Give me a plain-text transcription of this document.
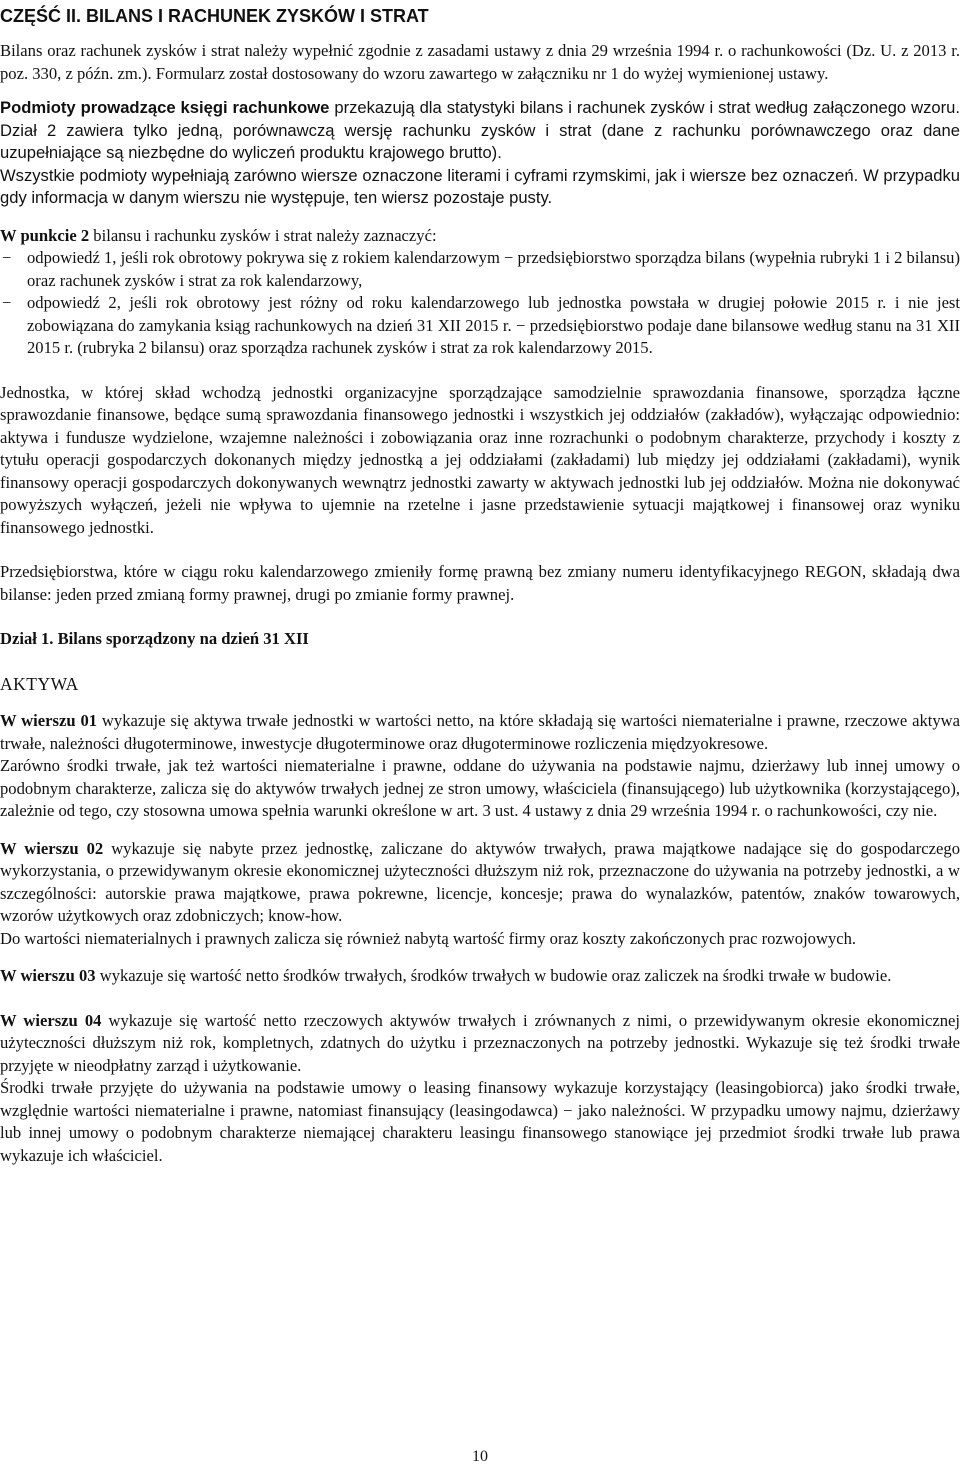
CZĘŚĆ II. BILANS I RACHUNEK ZYSKÓW I STRAT

Bilans oraz rachunek zysków i strat należy wypełnić zgodnie z zasadami ustawy z dnia 29 września 1994 r. o rachunkowości (Dz. U. z 2013 r. poz. 330, z późn. zm.). Formularz został dostosowany do wzoru zawartego w załączniku nr 1 do wyżej wymienionej ustawy.

Podmioty prowadzące księgi rachunkowe przekazują dla statystyki bilans i rachunek zysków i strat według załączonego wzoru. Dział 2 zawiera tylko jedną, porównawczą wersję rachunku zysków i strat (dane z rachunku porównawczego oraz dane uzupełniające są niezbędne do wyliczeń produktu krajowego brutto).

Wszystkie podmioty wypełniają zarówno wiersze oznaczone literami i cyframi rzymskimi, jak i wiersze bez oznaczeń. W przypadku gdy informacja w danym wierszu nie występuje, ten wiersz pozostaje pusty.

W punkcie 2 bilansu i rachunku zysków i strat należy zaznaczyć:

− odpowiedź 1, jeśli rok obrotowy pokrywa się z rokiem kalendarzowym − przedsiębiorstwo sporządza bilans (wypełnia rubryki 1 i 2 bilansu) oraz rachunek zysków i strat za rok kalendarzowy,
− odpowiedź 2, jeśli rok obrotowy jest różny od roku kalendarzowego lub jednostka powstała w drugiej połowie 2015 r. i nie jest zobowiązana do zamykania ksiąg rachunkowych na dzień 31 XII 2015 r. − przedsiębiorstwo podaje dane bilansowe według stanu na 31 XII 2015 r. (rubryka 2 bilansu) oraz sporządza rachunek zysków i strat za rok kalendarzowy 2015.

Jednostka, w której skład wchodzą jednostki organizacyjne sporządzające samodzielnie sprawozdania finansowe, sporządza łączne sprawozdanie finansowe, będące sumą sprawozdania finansowego jednostki i wszystkich jej oddziałów (zakładów), wyłączając odpowiednio: aktywa i fundusze wydzielone, wzajemne należności i zobowiązania oraz inne rozrachunki o podobnym charakterze, przychody i koszty z tytułu operacji gospodarczych dokonanych między jednostką a jej oddziałami (zakładami) lub między jej oddziałami (zakładami), wynik finansowy operacji gospodarczych dokonywanych wewnątrz jednostki zawarty w aktywach jednostki lub jej oddziałów. Można nie dokonywać powyższych wyłączeń, jeżeli nie wpływa to ujemnie na rzetelne i jasne przedstawienie sytuacji majątkowej i finansowej oraz wyniku finansowego jednostki.

Przedsiębiorstwa, które w ciągu roku kalendarzowego zmieniły formę prawną bez zmiany numeru identyfikacyjnego REGON, składają dwa bilanse: jeden przed zmianą formy prawnej, drugi po zmianie formy prawnej.

Dział 1. Bilans sporządzony na dzień 31 XII

AKTYWA

W wierszu 01 wykazuje się aktywa trwałe jednostki w wartości netto, na które składają się wartości niematerialne i prawne, rzeczowe aktywa trwałe, należności długoterminowe, inwestycje długoterminowe oraz długoterminowe rozliczenia międzyokresowe.

Zarówno środki trwałe, jak też wartości niematerialne i prawne, oddane do używania na podstawie najmu, dzierżawy lub innej umowy o podobnym charakterze, zalicza się do aktywów trwałych jednej ze stron umowy, właściciela (finansującego) lub użytkownika (korzystającego), zależnie od tego, czy stosowna umowa spełnia warunki określone w art. 3 ust. 4 ustawy z dnia 29 września 1994 r. o rachunkowości, czy nie.

W wierszu 02 wykazuje się nabyte przez jednostkę, zaliczane do aktywów trwałych, prawa majątkowe nadające się do gospodarczego wykorzystania, o przewidywanym okresie ekonomicznej użyteczności dłuższym niż rok, przeznaczone do używania na potrzeby jednostki, a w szczególności: autorskie prawa majątkowe, prawa pokrewne, licencje, koncesje; prawa do wynalazków, patentów, znaków towarowych, wzorów użytkowych oraz zdobniczych; know-how.

Do wartości niematerialnych i prawnych zalicza się również nabytą wartość firmy oraz koszty zakończonych prac rozwojowych.

W wierszu 03 wykazuje się wartość netto środków trwałych, środków trwałych w budowie oraz zaliczek na środki trwałe w budowie.

W wierszu 04 wykazuje się wartość netto rzeczowych aktywów trwałych i zrównanych z nimi, o przewidywanym okresie ekonomicznej użyteczności dłuższym niż rok, kompletnych, zdatnych do użytku i przeznaczonych na potrzeby jednostki. Wykazuje się też środki trwałe przyjęte w nieodpłatny zarząd i użytkowanie.

Środki trwałe przyjęte do używania na podstawie umowy o leasing finansowy wykazuje korzystający (leasingobiorca) jako środki trwałe, względnie wartości niematerialne i prawne, natomiast finansujący (leasingodawca) − jako należności. W przypadku umowy najmu, dzierżawy lub innej umowy o podobnym charakterze niemającej charakteru leasingu finansowego stanowiące jej przedmiot środki trwałe lub prawa wykazuje ich właściciel.

10
